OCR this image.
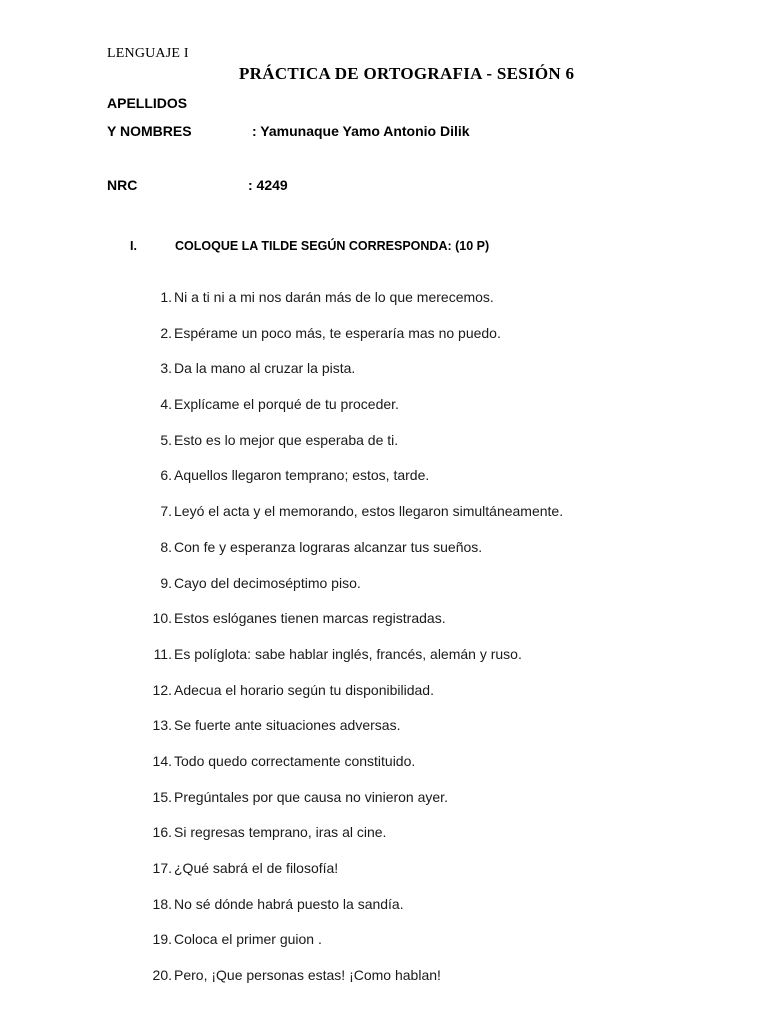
LENGUAJE I
PRÁCTICA DE ORTOGRAFIA - SESIÓN 6
APELLIDOS
Y NOMBRES	: Yamunaque Yamo Antonio Dilik
NRC	: 4249
I.	COLOQUE LA TILDE SEGÚN CORRESPONDA: (10 P)
1. Ni a ti ni a mi nos darán más de lo que merecemos.
2. Espérame un poco más, te esperaría mas no puedo.
3. Da la mano al cruzar la pista.
4. Explícame el porqué de tu proceder.
5. Esto es lo mejor que esperaba de ti.
6. Aquellos llegaron temprano; estos, tarde.
7. Leyó el acta y el memorando, estos llegaron simultáneamente.
8. Con fe y esperanza lograras alcanzar tus sueños.
9. Cayo del decimoséptimo piso.
10. Estos eslóganes tienen marcas registradas.
11. Es políglota: sabe hablar inglés, francés, alemán y ruso.
12. Adecua el horario según tu disponibilidad.
13. Se fuerte ante situaciones adversas.
14. Todo quedo correctamente constituido.
15. Pregúntales por que causa no vinieron ayer.
16. Si regresas temprano, iras al cine.
17. ¿Qué sabrá el de filosofía!
18. No sé dónde habrá puesto la sandía.
19. Coloca el primer guion .
20. Pero, ¡Que personas estas! ¡Como hablan!
